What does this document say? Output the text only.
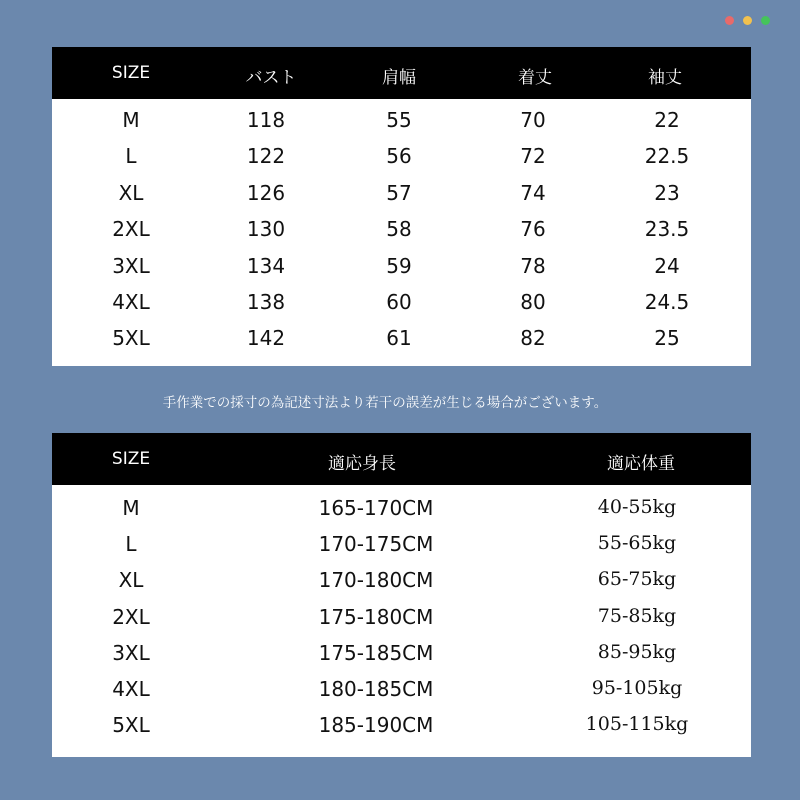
SIZE	バスト	肩幅	着丈	袖丈
M	118	55	70	22
L	122	56	72	22.5
XL	126	57	74	23
2XL	130	58	76	23.5
3XL	134	59	78	24
4XL	138	60	80	24.5
5XL	142	61	82	25
手作業での採寸の為記述寸法より若干の誤差が生じる場合がございます。
SIZE	適応身長	適応体重
M	165-170CM	40-55kg
L	170-175CM	55-65kg
XL	170-180CM	65-75kg
2XL	175-180CM	75-85kg
3XL	175-185CM	85-95kg
4XL	180-185CM	95-105kg
5XL	185-190CM	105-115kg
